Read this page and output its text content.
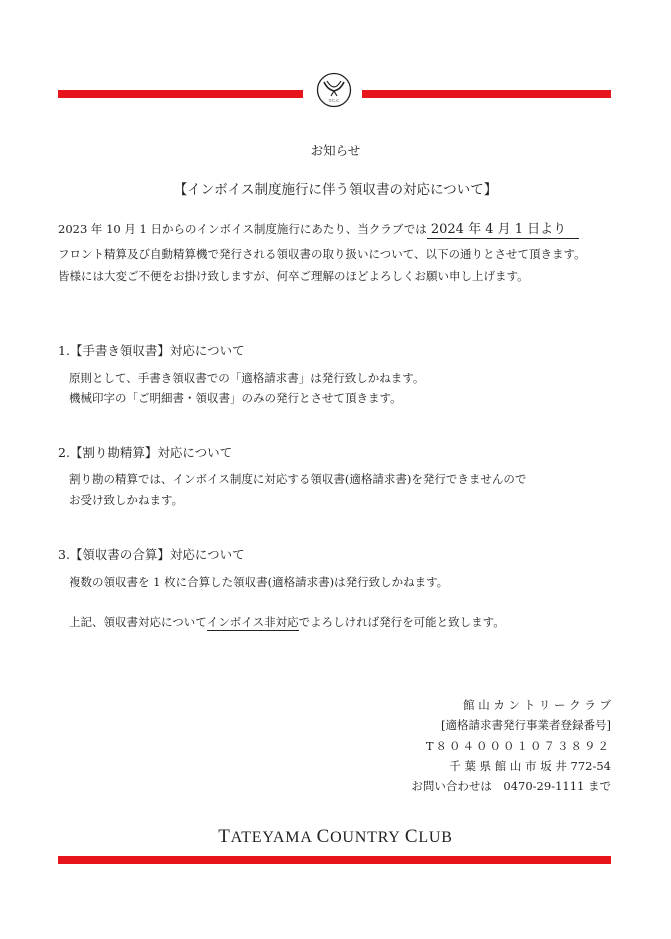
T.C.C
お知らせ
【インボイス制度施行に伴う領収書の対応について】
2023 年 10 月 1 日からのインボイス制度施行にあたり、当クラブでは 2024 年 4 月 1 日より
フロント精算及び自動精算機で発行される領収書の取り扱いについて、以下の通りとさせて頂きます。
皆様には大変ご不便をお掛け致しますが、何卒ご理解のほどよろしくお願い申し上げます。
1.【手書き領収書】対応について
原則として、手書き領収書での「適格請求書」は発行致しかねます。
機械印字の「ご明細書・領収書」のみの発行とさせて頂きます。
2.【割り勘精算】対応について
割り勘の精算では、インボイス制度に対応する領収書(適格請求書)を発行できませんので
お受け致しかねます。
3.【領収書の合算】対応について
複数の領収書を 1 枚に合算した領収書(適格請求書)は発行致しかねます。
上記、領収書対応についてインボイス非対応でよろしければ発行を可能と致します。
館 山 カ ン ト リ ー ク ラ ブ
[適格請求書発行事業者登録番号]
T８０４０００１０７３８９２
千 葉 県 館 山 市 坂 井 772-54
お問い合わせは　0470-29-1111 まで
TATEYAMA COUNTRY CLUB
